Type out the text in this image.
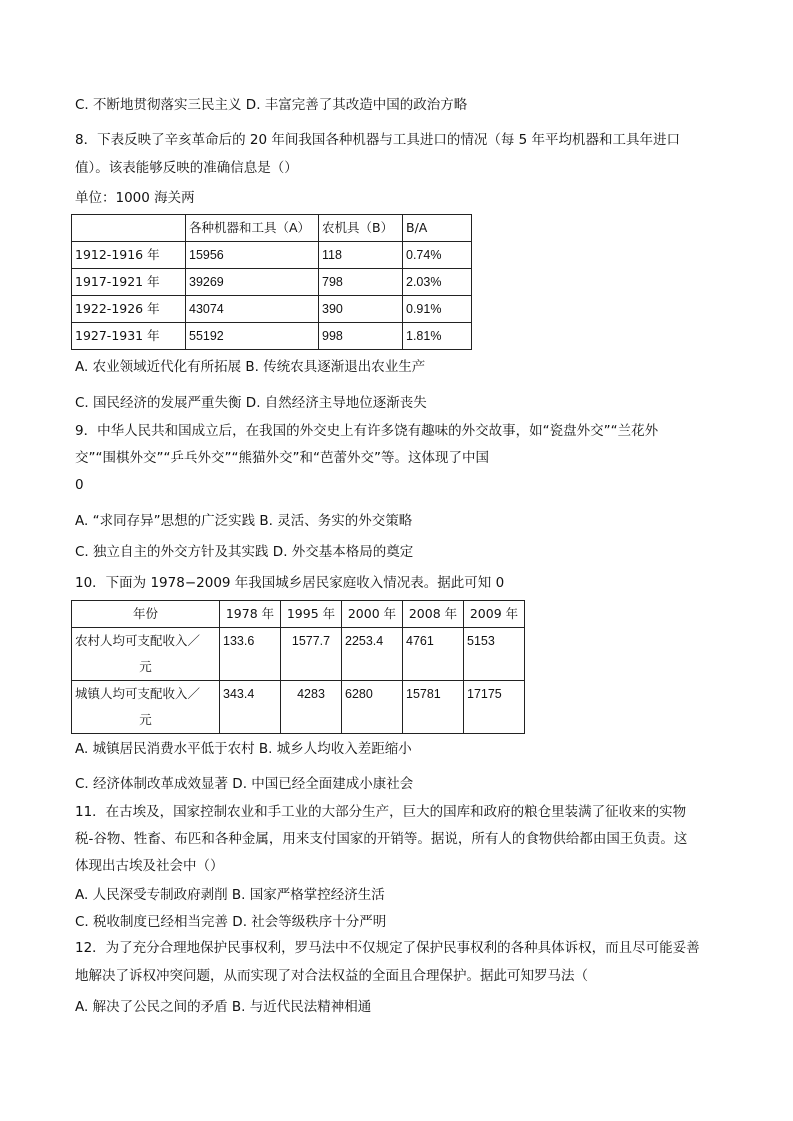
C. 不断地贯彻落实三民主义 D. 丰富完善了其改造中国的政治方略
8．下表反映了辛亥革命后的 20 年间我国各种机器与工具进口的情况（每 5 年平均机器和工具年进口
值）。该表能够反映的准确信息是（）
单位：1000 海关两
	各种机器和工具（A）	农机具（B）	B/A
1912-1916 年	15956	118	0.74%
1917-1921 年	39269	798	2.03%
1922-1926 年	43074	390	0.91%
1927-1931 年	55192	998	1.81%
A. 农业领域近代化有所拓展 B. 传统农具逐渐退出农业生产
C. 国民经济的发展严重失衡 D. 自然经济主导地位逐渐丧失
9．中华人民共和国成立后，在我国的外交史上有许多饶有趣味的外交故事，如“瓷盘外交”“兰花外
交”“围棋外交”“乒乓外交”“熊猫外交”和“芭蕾外交”等。这体现了中国
0
A. “求同存异”思想的广泛实践 B. 灵活、务实的外交策略
C. 独立自主的外交方针及其实践 D. 外交基本格局的奠定
10．下面为 1978−2009 年我国城乡居民家庭收入情况表。据此可知 0
年份	1978 年	1995 年	2000 年	2008 年	2009 年

农村人均可支配收入／
元	133.6	1577.7	2253.4	4761	5153

城镇人均可支配收入／
元	343.4	4283	6280	15781	17175
A. 城镇居民消费水平低于农村 B. 城乡人均收入差距缩小
C. 经济体制改革成效显著 D. 中国已经全面建成小康社会
11．在古埃及，国家控制农业和手工业的大部分生产，巨大的国库和政府的粮仓里装满了征收来的实物
税-谷物、牲畜、布匹和各种金属，用来支付国家的开销等。据说，所有人的食物供给都由国王负责。这
体现出古埃及社会中（）
A. 人民深受专制政府剥削 B. 国家严格掌控经济生活
C. 税收制度已经相当完善 D. 社会等级秩序十分严明
12．为了充分合理地保护民事权利，罗马法中不仅规定了保护民事权利的各种具体诉权，而且尽可能妥善
地解决了诉权冲突问题，从而实现了对合法权益的全面且合理保护。据此可知罗马法（
A. 解决了公民之间的矛盾 B. 与近代民法精神相通
